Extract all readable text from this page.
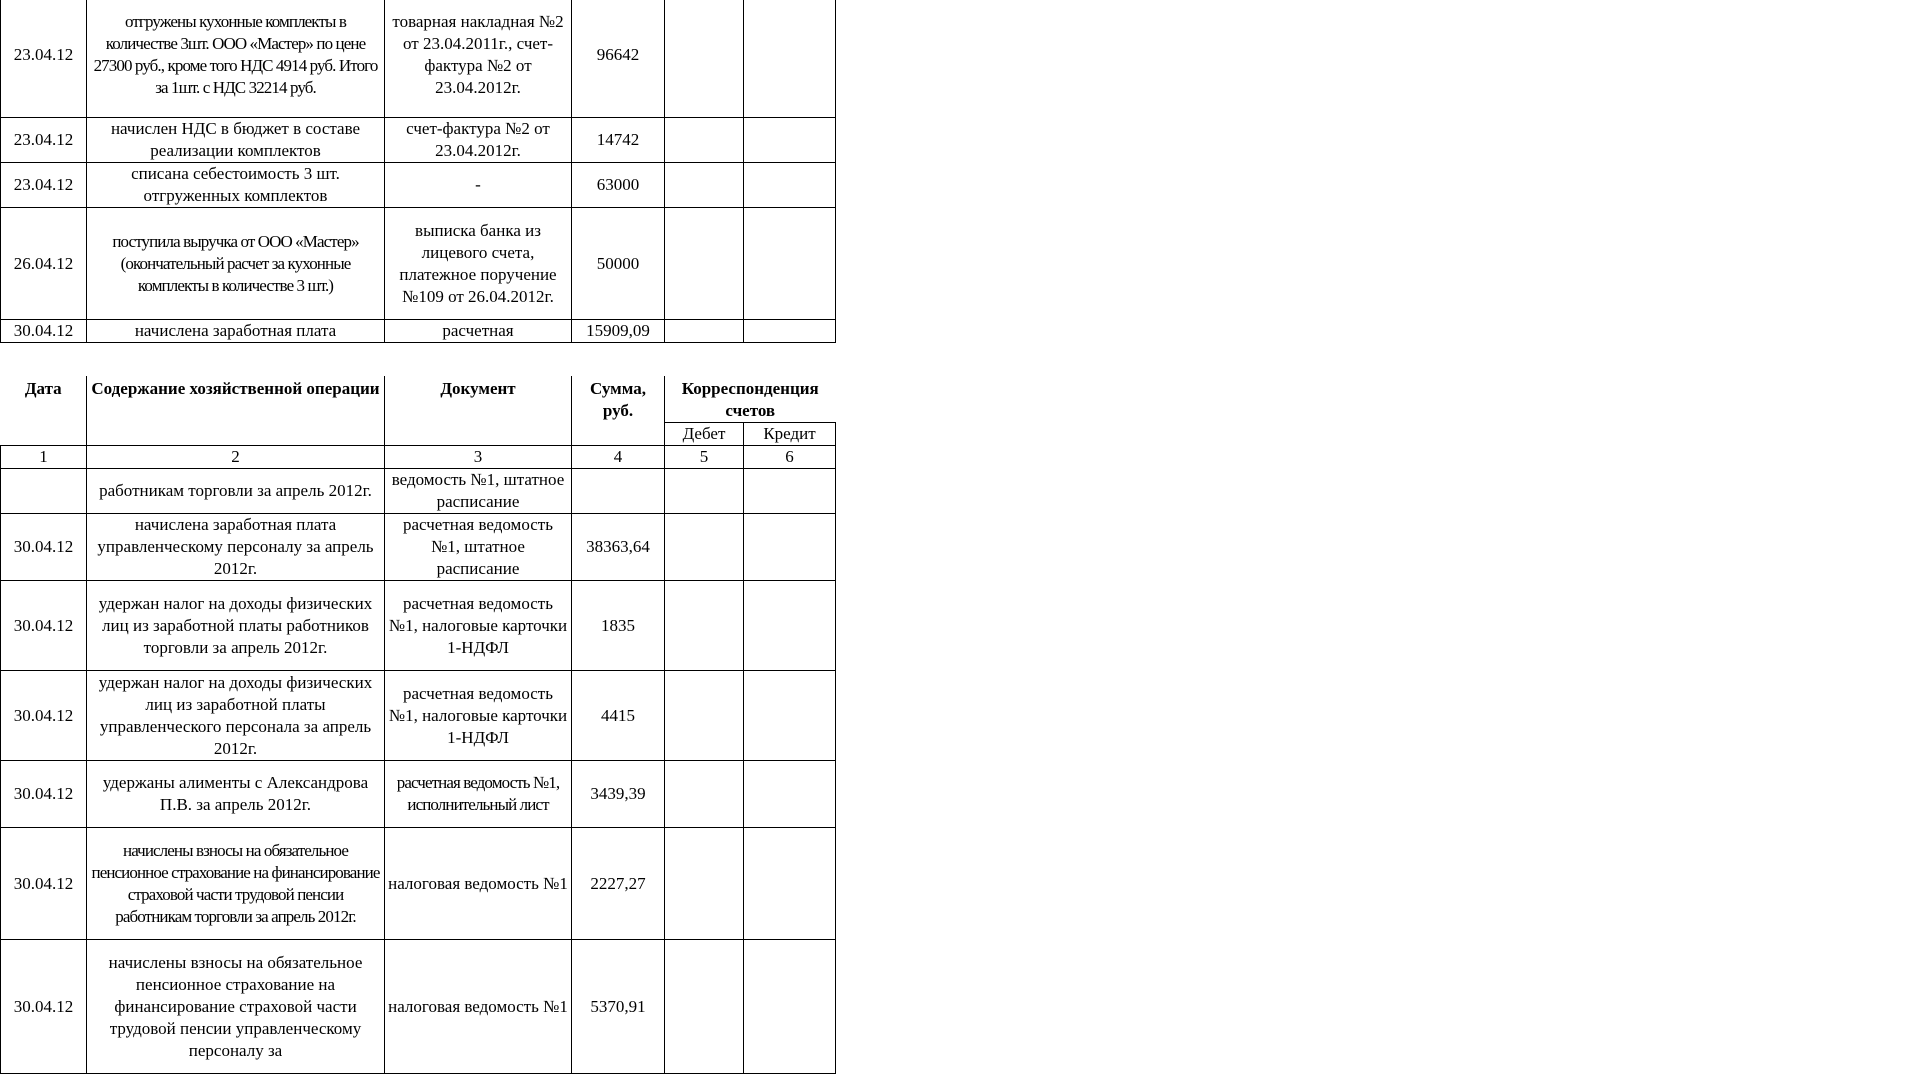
23.04.12	отгружены кухонные комплекты в количестве 3шт. ООО «Мастер» по цене 27300 руб., кроме того НДС 4914 руб. Итого за 1шт. с НДС 32214 руб.	товарная накладная №2 от 23.04.2011г., счет-фактура №2 от 23.04.2012г.	96642		
23.04.12	начислен НДС в бюджет в составе реализации комплектов	счет-фактура №2 от 23.04.2012г.	14742		
23.04.12	списана себестоимость 3 шт. отгруженных комплектов	-	63000		
26.04.12	поступила выручка от ООО «Мастер» (окончательный расчет за кухонные комплекты в количестве 3 шт.)	выписка банка из лицевого счета, платежное поручение №109 от 26.04.2012г.	50000		
30.04.12	начислена заработная плата	расчетная	15909,09		
Дата	Содержание хозяйственной операции	Документ	Сумма, руб.	Корреспонденция счетов	
				Дебет	Кредит
1	2	3	4	5	6
	работникам торговли за апрель 2012г.	ведомость №1, штатное расписание			
30.04.12	начислена заработная плата управленческому персоналу за апрель 2012г.	расчетная ведомость №1, штатное расписание	38363,64		
30.04.12	удержан налог на доходы физических лиц из заработной платы работников торговли за апрель 2012г.	расчетная ведомость №1, налоговые карточки 1-НДФЛ	1835		
30.04.12	удержан налог на доходы физических лиц из заработной платы управленческого персонала за апрель 2012г.	расчетная ведомость №1, налоговые карточки 1-НДФЛ	4415		
30.04.12	удержаны алименты с Александрова П.В. за апрель 2012г.	расчетная ведомость №1, исполнительный лист	3439,39		
30.04.12	начислены взносы на обязательное пенсионное страхование на финансирование страховой части трудовой пенсии работникам торговли за апрель 2012г.	налоговая ведомость №1	2227,27		
30.04.12	начислены взносы на обязательное пенсионное страхование на финансирование страховой части трудовой пенсии управленческому персоналу за	налоговая ведомость №1	5370,91		
